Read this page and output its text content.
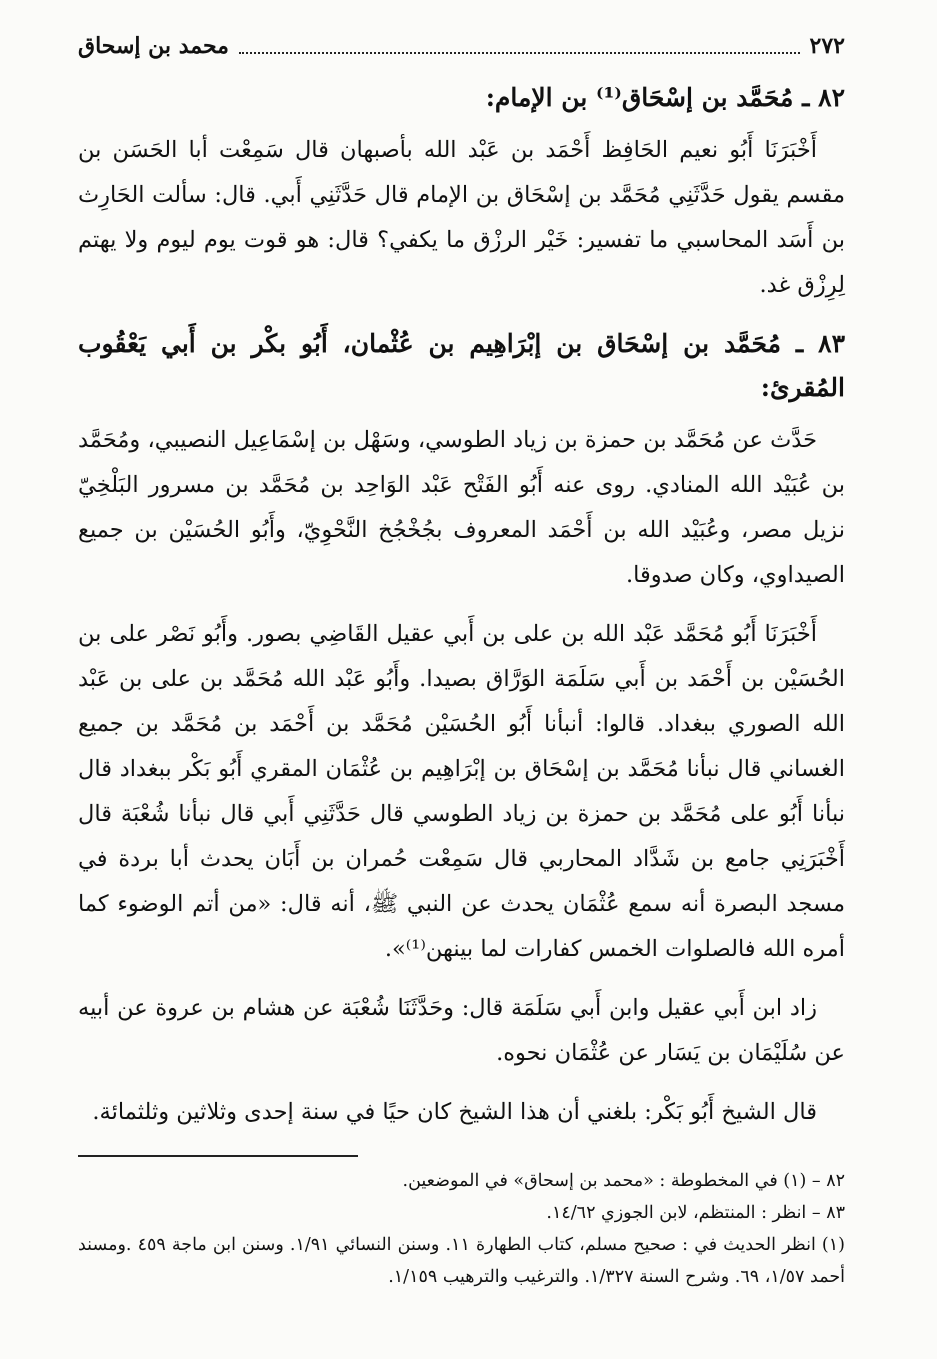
٢٧٢
محمد بن إسحاق
٨٢ ـ مُحَمَّد بن إسْحَاق⁽¹⁾ بن الإمام:

أَخْبَرَنَا أَبُو نعيم الحَافِظ أَحْمَد بن عَبْد الله بأصبهان قال سَمِعْت أبا الحَسَن بن مقسم يقول حَدَّثَنِي مُحَمَّد بن إسْحَاق بن الإمام قال حَدَّثَنِي أَبي. قال: سألت الحَارِث بن أَسَد المحاسبي ما تفسير: خَيْر الرزْق ما يكفي؟ قال: هو قوت يوم ليوم ولا يهتم لِرِزْق غد.

٨٣ ـ مُحَمَّد بن إسْحَاق بن إبْرَاهِيم بن عُثْمان، أَبُو بكْر بن أَبي يَعْقُوب المُقرئ:

حَدَّث عن مُحَمَّد بن حمزة بن زياد الطوسي، وسَهْل بن إسْمَاعِيل النصيبي، ومُحَمَّد بن عُبَيْد الله المنادي. روى عنه أَبُو الفَتْح عَبْد الوَاحِد بن مُحَمَّد بن مسرور البَلْخِيّ نزيل مصر، وعُبَيْد الله بن أَحْمَد المعروف بجُخْجُخ النَّحْوِيّ، وأَبُو الحُسَيْن بن جميع الصيداوي، وكان صدوقا.

أَخْبَرَنَا أَبُو مُحَمَّد عَبْد الله بن على بن أَبي عقيل القَاضِي بصور. وأَبُو نَصْر على بن الحُسَيْن بن أَحْمَد بن أَبي سَلَمَة الوَرَّاق بصيدا. وأَبُو عَبْد الله مُحَمَّد بن على بن عَبْد الله الصوري ببغداد. قالوا: أنبأنا أَبُو الحُسَيْن مُحَمَّد بن أَحْمَد بن مُحَمَّد بن جميع الغساني قال نبأنا مُحَمَّد بن إسْحَاق بن إبْرَاهِيم بن عُثْمَان المقري أَبُو بَكْر ببغداد قال نبأنا أَبُو على مُحَمَّد بن حمزة بن زياد الطوسي قال حَدَّثَنِي أَبي قال نبأنا شُعْبَة قال أَخْبَرَنِي جامع بن شَدَّاد المحاربي قال سَمِعْت حُمران بن أَبَان يحدث أبا بردة في مسجد البصرة أنه سمع عُثْمَان يحدث عن النبي ﷺ، أنه قال: «من أتم الوضوء كما أمره الله فالصلوات الخمس كفارات لما بينهن⁽¹⁾».

زاد ابن أَبي عقيل وابن أَبي سَلَمَة قال: وحَدَّثَنَا شُعْبَة عن هشام بن عروة عن أبيه عن سُلَيْمَان بن يَسَار عن عُثْمَان نحوه.

قال الشيخ أَبُو بَكْر: بلغني أن هذا الشيخ كان حيًا في سنة إحدى وثلاثين وثلثمائة.

٨٢ – (١) في المخطوطة : «محمد بن إسحاق» في الموضعين.

٨٣ – انظر : المنتظم، لابن الجوزي ١٤/٦٢.

(١) انظر الحديث في : صحيح مسلم، كتاب الطهارة ١١. وسنن النسائي ١/٩١. وسنن ابن ماجة ٤٥٩ .ومسند أحمد ١/٥٧، ٦٩. وشرح السنة ١/٣٢٧. والترغيب والترهيب ١/١٥٩.
